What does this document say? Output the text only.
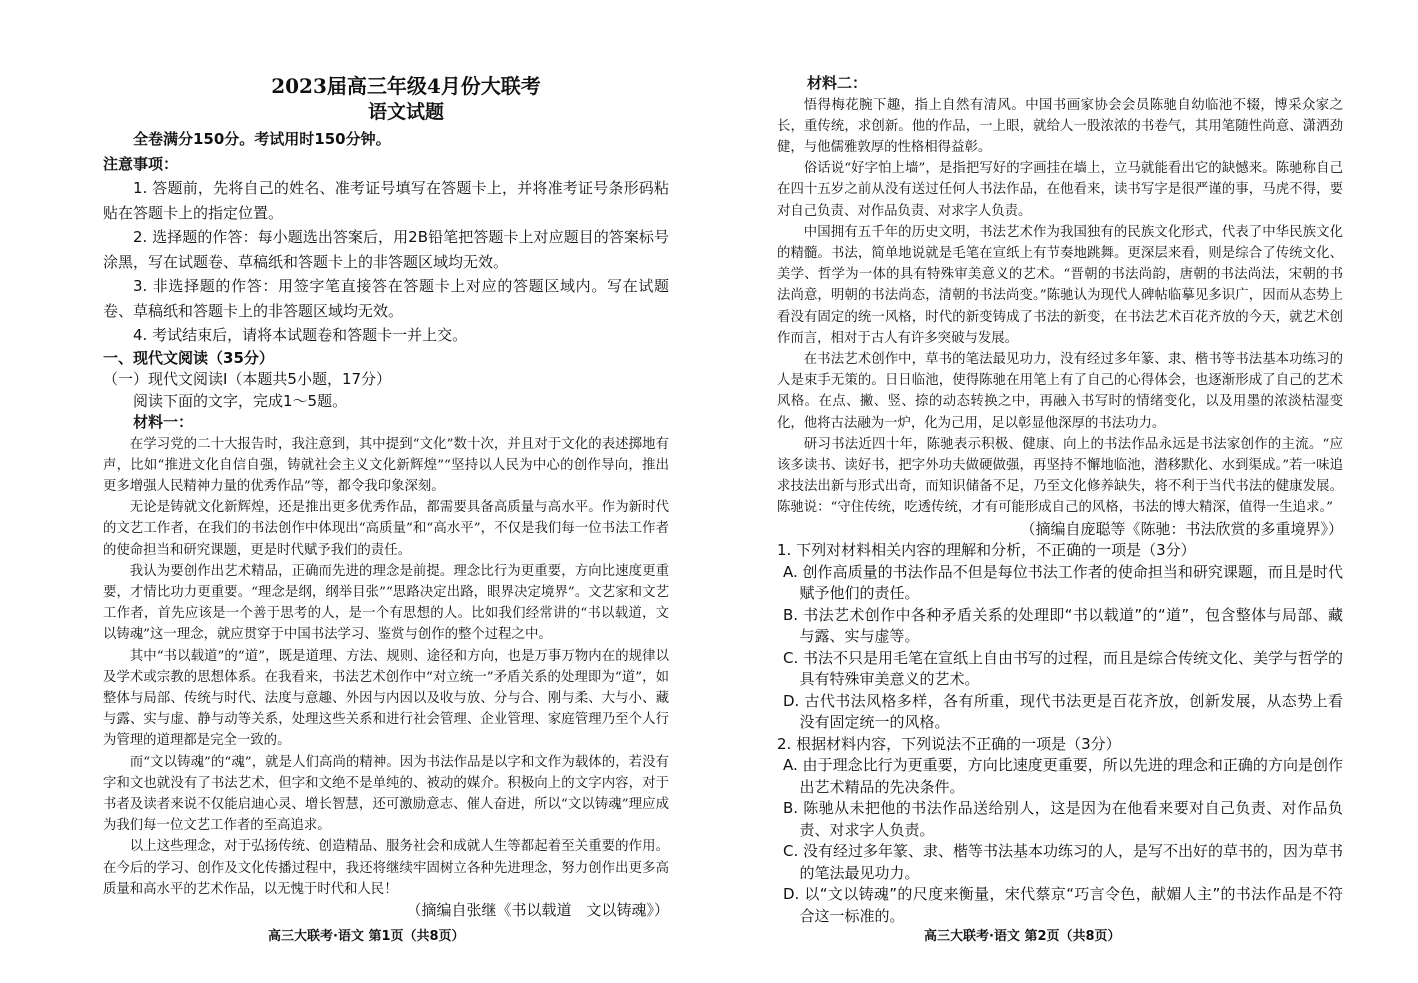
2023届高三年级4月份大联考
语文试题
全卷满分150分。考试用时150分钟。
注意事项：

1. 答题前，先将自己的姓名、准考证号填写在答题卡上，并将准考证号条形码粘贴在答题卡上的指定位置。

2. 选择题的作答：每小题选出答案后，用2B铅笔把答题卡上对应题目的答案标号涂黑，写在试题卷、草稿纸和答题卡上的非答题区域均无效。

3. 非选择题的作答：用签字笔直接答在答题卡上对应的答题区域内。写在试题卷、草稿纸和答题卡上的非答题区域均无效。

4. 考试结束后，请将本试题卷和答题卡一并上交。

一、现代文阅读（35分）
（一）现代文阅读Ⅰ（本题共5小题，17分）
阅读下面的文字，完成1～5题。
材料一：

在学习党的二十大报告时，我注意到，其中提到“文化”数十次，并且对于文化的表述掷地有声，比如“推进文化自信自强，铸就社会主义文化新辉煌”“坚持以人民为中心的创作导向，推出更多增强人民精神力量的优秀作品”等，都令我印象深刻。

无论是铸就文化新辉煌，还是推出更多优秀作品，都需要具备高质量与高水平。作为新时代的文艺工作者，在我们的书法创作中体现出“高质量”和“高水平”，不仅是我们每一位书法工作者的使命担当和研究课题，更是时代赋予我们的责任。

我认为要创作出艺术精品，正确而先进的理念是前提。理念比行为更重要，方向比速度更重要，才情比功力更重要。“理念是纲，纲举目张”“思路决定出路，眼界决定境界”。文艺家和文艺工作者，首先应该是一个善于思考的人，是一个有思想的人。比如我们经常讲的“书以载道，文以铸魂”这一理念，就应贯穿于中国书法学习、鉴赏与创作的整个过程之中。

其中“书以载道”的“道”，既是道理、方法、规则、途径和方向，也是万事万物内在的规律以及学术或宗教的思想体系。在我看来，书法艺术创作中“对立统一”矛盾关系的处理即为“道”，如整体与局部、传统与时代、法度与意趣、外因与内因以及收与放、分与合、刚与柔、大与小、藏与露、实与虚、静与动等关系，处理这些关系和进行社会管理、企业管理、家庭管理乃至个人行为管理的道理都是完全一致的。

而“文以铸魂”的“魂”，就是人们高尚的精神。因为书法作品是以字和文作为载体的，若没有字和文也就没有了书法艺术，但字和文绝不是单纯的、被动的媒介。积极向上的文字内容，对于书者及读者来说不仅能启迪心灵、增长智慧，还可激励意志、催人奋进，所以“文以铸魂”理应成为我们每一位文艺工作者的至高追求。

以上这些理念，对于弘扬传统、创造精品、服务社会和成就人生等都起着至关重要的作用。在今后的学习、创作及文化传播过程中，我还将继续牢固树立各种先进理念，努力创作出更多高质量和高水平的艺术作品，以无愧于时代和人民！

（摘编自张继《书以载道　文以铸魂》）
高三大联考·语文 第1页（共8页）
材料二：

悟得梅花腕下趣，指上自然有清风。中国书画家协会会员陈驰自幼临池不辍，博采众家之长，重传统，求创新。他的作品，一上眼，就给人一股浓浓的书卷气，其用笔随性尚意、潇洒劲健，与他儒雅敦厚的性格相得益彰。

俗话说“好字怕上墙”，是指把写好的字画挂在墙上，立马就能看出它的缺憾来。陈驰称自己在四十五岁之前从没有送过任何人书法作品，在他看来，读书写字是很严谨的事，马虎不得，要对自己负责、对作品负责、对求字人负责。

中国拥有五千年的历史文明，书法艺术作为我国独有的民族文化形式，代表了中华民族文化的精髓。书法，简单地说就是毛笔在宣纸上有节奏地跳舞。更深层来看，则是综合了传统文化、美学、哲学为一体的具有特殊审美意义的艺术。“晋朝的书法尚韵，唐朝的书法尚法，宋朝的书法尚意，明朝的书法尚态，清朝的书法尚变。”陈驰认为现代人碑帖临摹见多识广，因而从态势上看没有固定的统一风格，时代的新变铸成了书法的新变，在书法艺术百花齐放的今天，就艺术创作而言，相对于古人有许多突破与发展。

在书法艺术创作中，草书的笔法最见功力，没有经过多年篆、隶、楷书等书法基本功练习的人是束手无策的。日日临池，使得陈驰在用笔上有了自己的心得体会，也逐渐形成了自己的艺术风格。在点、撇、竖、捺的动态转换之中，再融入书写时的情绪变化，以及用墨的浓淡枯湿变化，他将古法融为一炉，化为己用，足以彰显他深厚的书法功力。

研习书法近四十年，陈驰表示积极、健康、向上的书法作品永远是书法家创作的主流。“应该多读书、读好书，把字外功夫做硬做强，再坚持不懈地临池，潜移默化、水到渠成。”若一味追求技法出新与形式出奇，而知识储备不足，乃至文化修养缺失，将不利于当代书法的健康发展。陈驰说：“守住传统，吃透传统，才有可能形成自己的风格，书法的博大精深，值得一生追求。”

（摘编自庞聪等《陈驰：书法欣赏的多重境界》）
1. 下列对材料相关内容的理解和分析，不正确的一项是（3分）

A. 创作高质量的书法作品不但是每位书法工作者的使命担当和研究课题，而且是时代赋予他们的责任。

B. 书法艺术创作中各种矛盾关系的处理即“书以载道”的“道”，包含整体与局部、藏与露、实与虚等。

C. 书法不只是用毛笔在宣纸上自由书写的过程，而且是综合传统文化、美学与哲学的具有特殊审美意义的艺术。

D. 古代书法风格多样，各有所重，现代书法更是百花齐放，创新发展，从态势上看没有固定统一的风格。

2. 根据材料内容，下列说法不正确的一项是（3分）

A. 由于理念比行为更重要，方向比速度更重要，所以先进的理念和正确的方向是创作出艺术精品的先决条件。

B. 陈驰从未把他的书法作品送给别人，这是因为在他看来要对自己负责、对作品负责、对求字人负责。

C. 没有经过多年篆、隶、楷等书法基本功练习的人，是写不出好的草书的，因为草书的笔法最见功力。

D. 以“文以铸魂”的尺度来衡量，宋代蔡京“巧言令色，献媚人主”的书法作品是不符合这一标准的。

高三大联考·语文 第2页（共8页）
